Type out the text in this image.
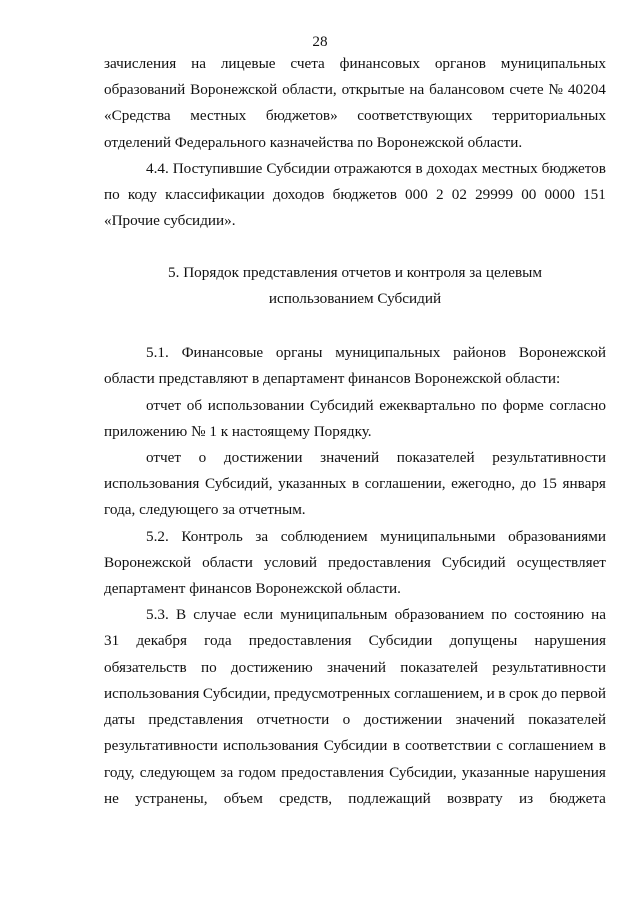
28
зачисления на лицевые счета финансовых органов муниципальных
образований Воронежской области, открытые на балансовом счете № 40204
«Средства местных бюджетов» соответствующих территориальных
отделений Федерального казначейства по Воронежской области.
4.4. Поступившие Субсидии отражаются в доходах местных бюджетов
по коду классификации доходов бюджетов 000 2 02 29999 00 0000 151
«Прочие субсидии».
5. Порядок представления отчетов и контроля за целевым
использованием Субсидий
5.1. Финансовые органы муниципальных районов Воронежской
области представляют в департамент финансов Воронежской области:
отчет об использовании Субсидий ежеквартально по форме согласно
приложению № 1 к настоящему Порядку.
отчет о достижении значений показателей результативности
использования Субсидий, указанных в соглашении, ежегодно, до 15 января
года, следующего за отчетным.
5.2. Контроль за соблюдением муниципальными образованиями
Воронежской области условий предоставления Субсидий осуществляет
департамент финансов Воронежской области.
5.3. В случае если муниципальным образованием по состоянию на
31 декабря года предоставления Субсидии допущены нарушения
обязательств по достижению значений показателей результативности
использования Субсидии, предусмотренных соглашением, и в срок до первой
даты представления отчетности о достижении значений показателей
результативности использования Субсидии в соответствии с соглашением в
году, следующем за годом предоставления Субсидии, указанные нарушения
не устранены, объем средств, подлежащий возврату из бюджета
